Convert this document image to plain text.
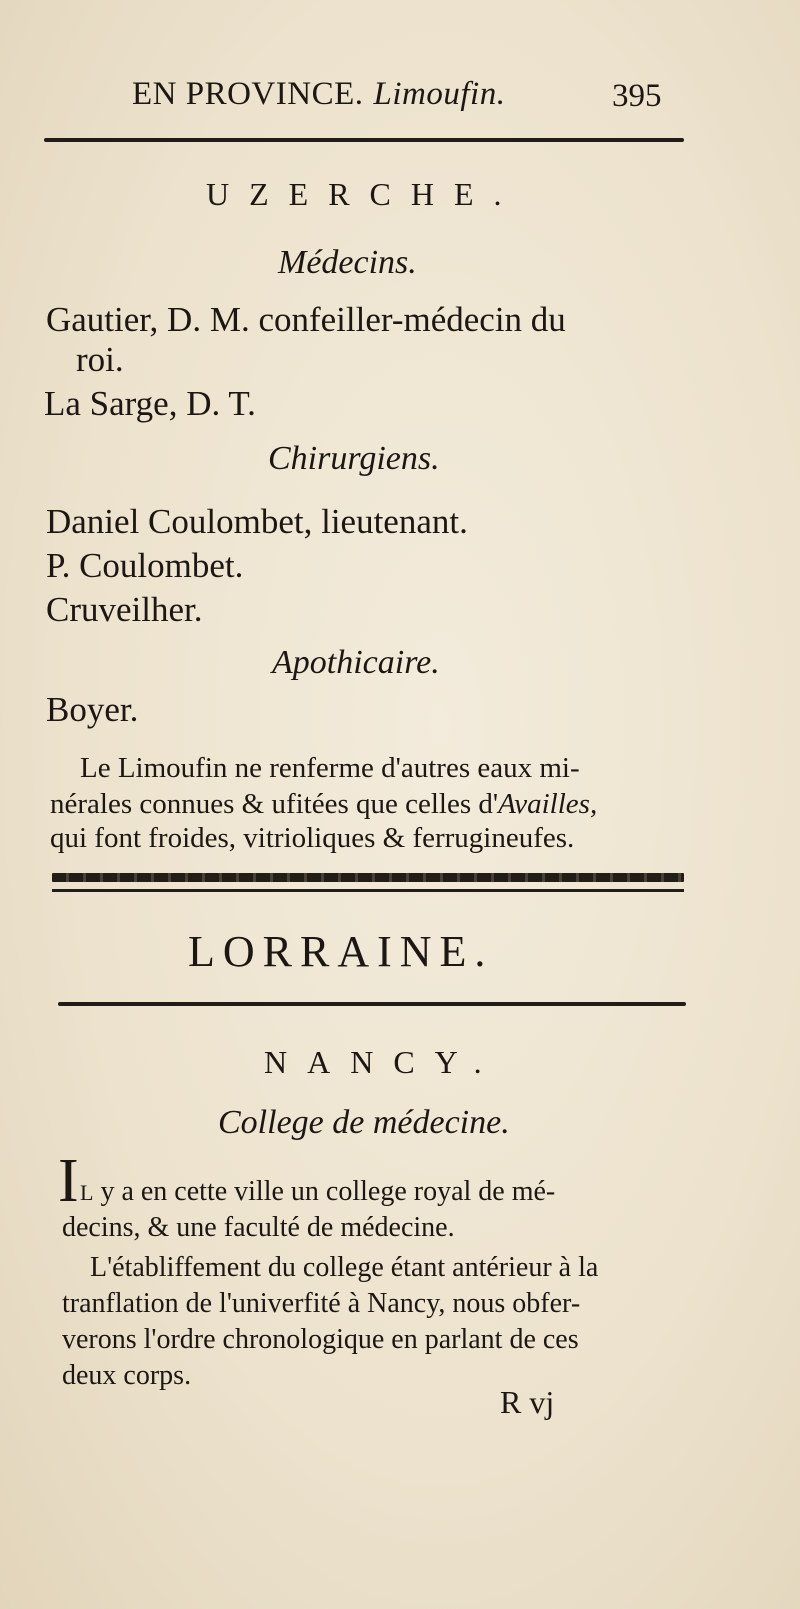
EN PROVINCE. Limoufin.	395
UZERCHE.
Médecins.
Gautier, D. M. confeiller-médecin du
roi.
La Sarge, D. T.
Chirurgiens.
Daniel Coulombet, lieutenant.
P. Coulombet.
Cruveilher.
Apothicaire.
Boyer.
Le Limoufin ne renferme d'autres eaux mi-
nérales connues & ufitées que celles d'Availles,
qui font froides, vitrioliques & ferrugineufes.
LORRAINE.
NANCY.
College de médecine.
I L y a en cette ville un college royal de mé-
decins, & une faculté de médecine.
L'établiffement du college étant antérieur à la
tranflation de l'univerfité à Nancy, nous obfer-
verons l'ordre chronologique en parlant de ces
deux corps.
R vj
